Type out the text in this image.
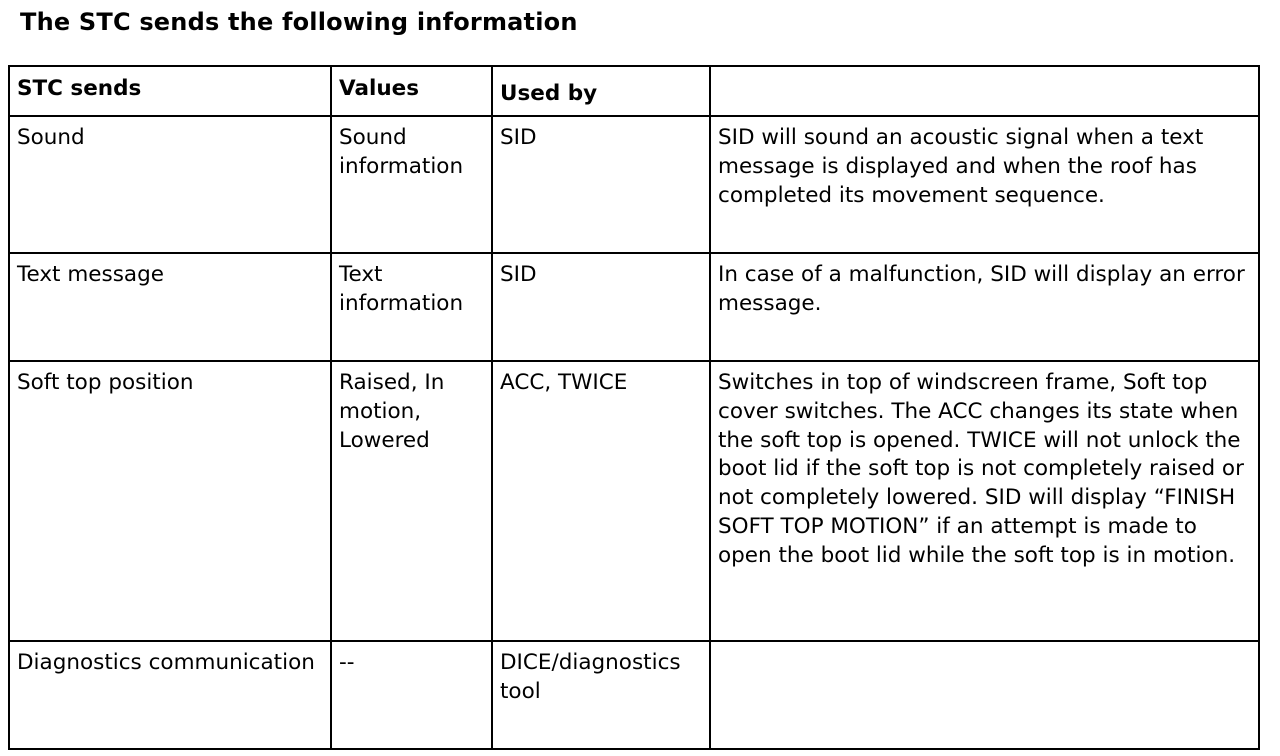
The STC sends the following information
STC sends	Values	Used by	
Sound	Sound information	SID	SID will sound an acoustic signal when a text message is displayed and when the roof has completed its movement sequence.
Text message	Text information	SID	In case of a malfunction, SID will display an error message.
Soft top position	Raised, In motion, Lowered	ACC, TWICE	Switches in top of windscreen frame, Soft top cover switches. The ACC changes its state when the soft top is opened. TWICE will not unlock the boot lid if the soft top is not completely raised or not completely lowered. SID will display “FINISH SOFT TOP MOTION” if an attempt is made to open the boot lid while the soft top is in motion.
Diagnostics communication	--	DICE/diagnostics tool	
